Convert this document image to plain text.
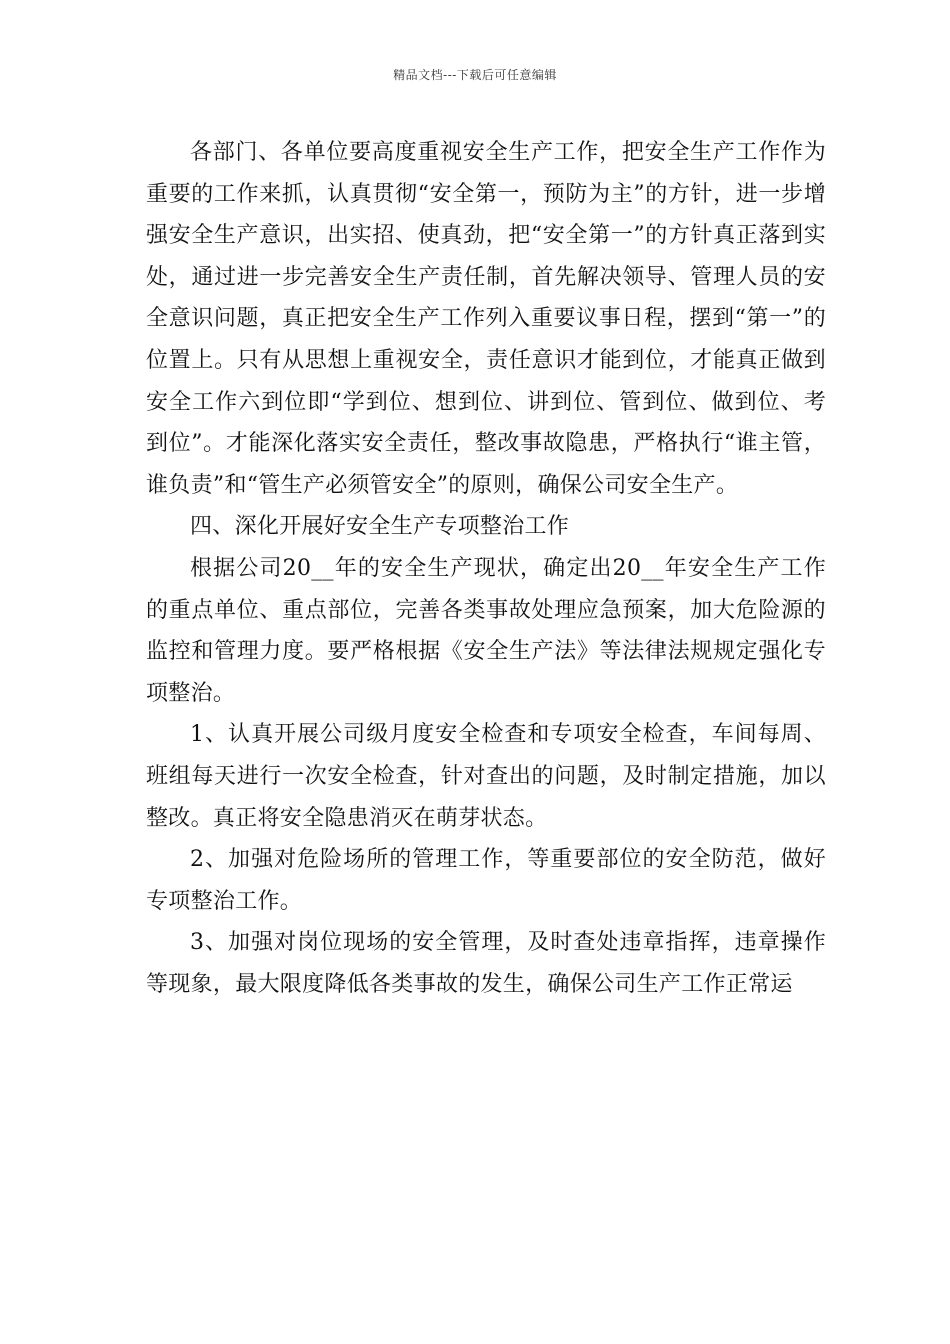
精品文档---下载后可任意编辑

各部门、各单位要高度重视安全生产工作，把安全生产工作作为重要的工作来抓，认真贯彻“安全第一，预防为主”的方针，进一步增强安全生产意识，出实招、使真劲，把“安全第一”的方针真正落到实处，通过进一步完善安全生产责任制，首先解决领导、管理人员的安全意识问题，真正把安全生产工作列入重要议事日程，摆到“第一”的位置上。只有从思想上重视安全，责任意识才能到位，才能真正做到安全工作六到位即“学到位、想到位、讲到位、管到位、做到位、考到位”。才能深化落实安全责任，整改事故隐患，严格执行“谁主管，谁负责”和“管生产必须管安全”的原则，确保公司安全生产。

四、深化开展好安全生产专项整治工作

根据公司20__年的安全生产现状，确定出20__年安全生产工作的重点单位、重点部位，完善各类事故处理应急预案，加大危险源的监控和管理力度。要严格根据《安全生产法》等法律法规规定强化专项整治。

1、认真开展公司级月度安全检查和专项安全检查，车间每周、班组每天进行一次安全检查，针对查出的问题，及时制定措施，加以整改。真正将安全隐患消灭在萌芽状态。

2、加强对危险场所的管理工作，等重要部位的安全防范，做好专项整治工作。

3、加强对岗位现场的安全管理，及时查处违章指挥，违章操作等现象，最大限度降低各类事故的发生，确保公司生产工作正常运
